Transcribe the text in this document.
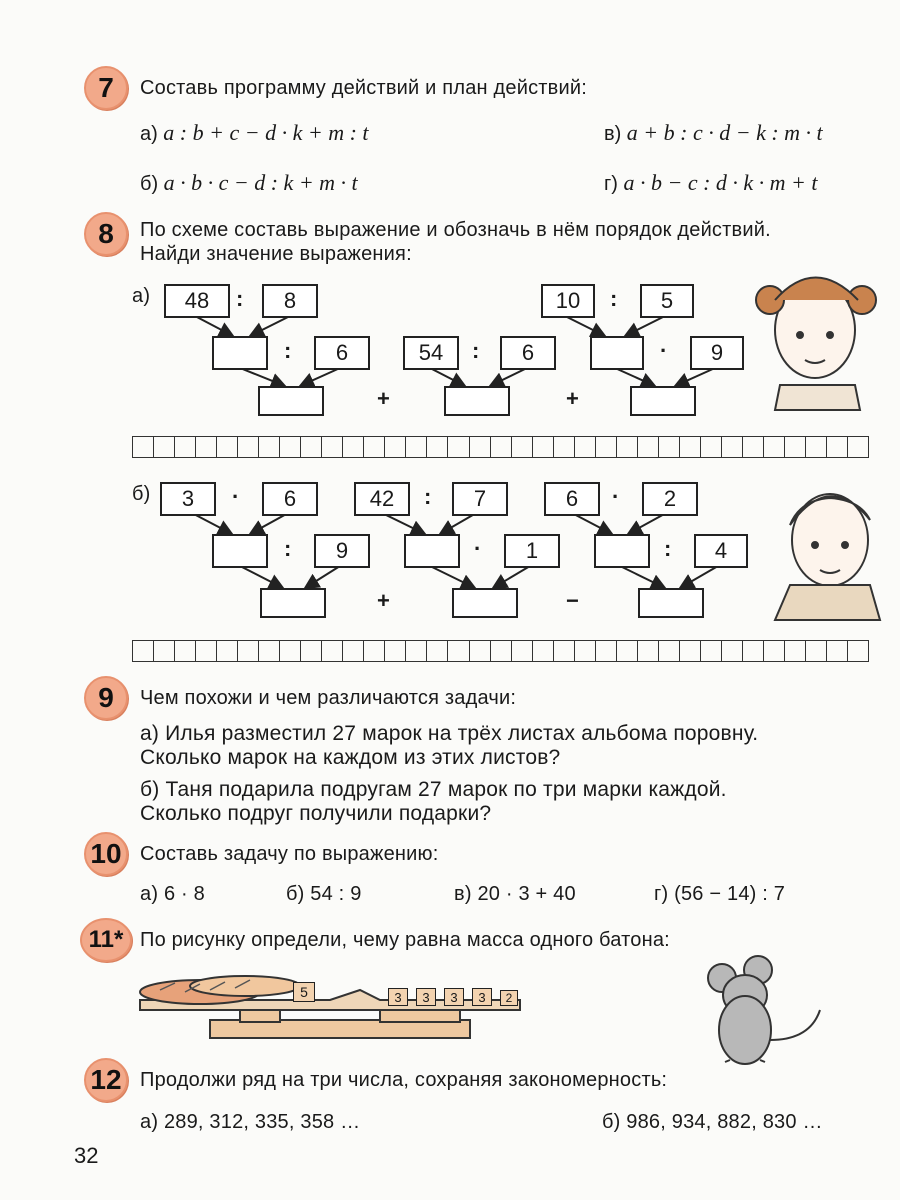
7 Составь программу действий и план действий:
а) a : b + c − d · k + m : t	в) a + b : c · d − k : m · t
б) a · b · c − d : k + m · t	г) a · b − c : d · k · m + t
8 По схеме составь выражение и обозначь в нём порядок действий.
Найди значение выражения:
а)	48	:	8
:	6	54	:	6
10	:	5
·	9
+	+
б)	3	·	6
:	9
42	:	7
·	1
6	·	2
:	4
+	−
9 Чем похожи и чем различаются задачи:
а) Илья разместил 27 марок на трёх листах альбома поровну.
Сколько марок на каждом из этих листов?
б) Таня подарила подругам 27 марок по три марки каждой.
Сколько подруг получили подарки?
10 Составь задачу по выражению:
а) 6 · 8	б) 54 : 9	в) 20 · 3 + 40	г) (56 − 14) : 7
11* По рисунку определи, чему равна масса одного батона:
5	3	3	3	3	2
12 Продолжи ряд на три числа, сохраняя закономерность:
а) 289, 312, 335, 358 …	б) 986, 934, 882, 830 …
32
